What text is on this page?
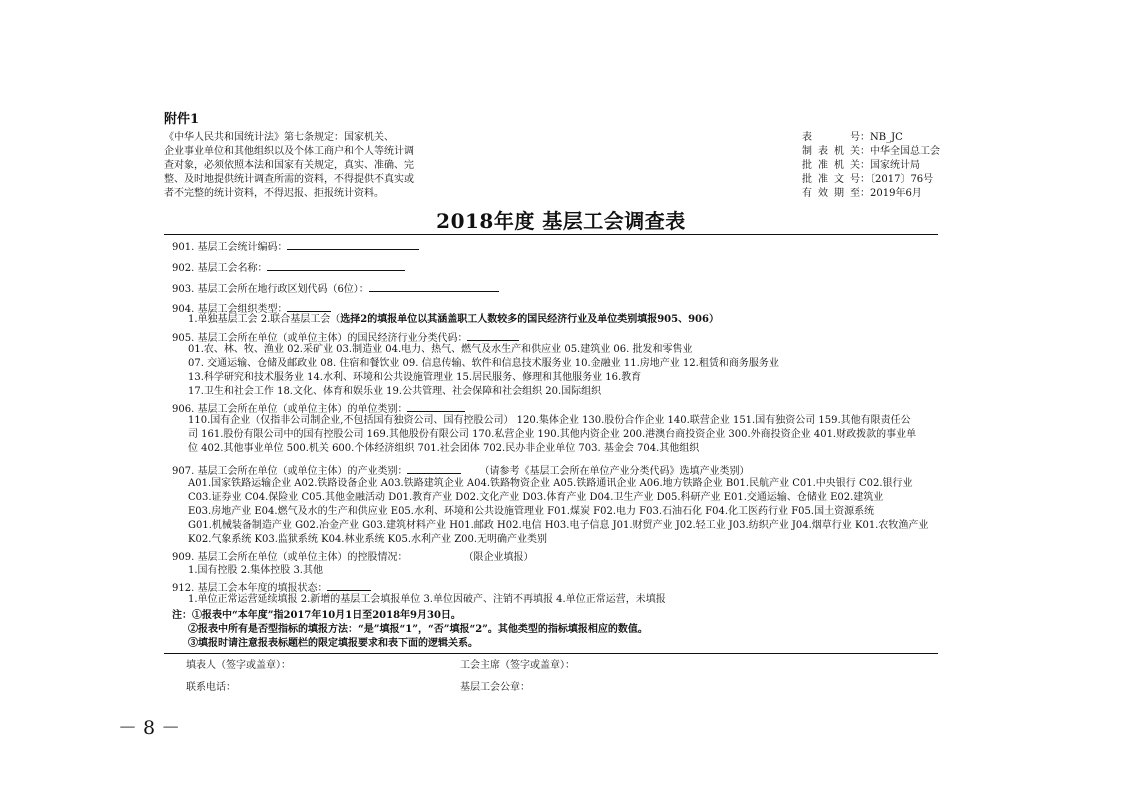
附件1
《中华人民共和国统计法》第七条规定：国家机关、
企业事业单位和其他组织以及个体工商户和个人等统计调
查对象，必须依照本法和国家有关规定，真实、准确、完
整、及时地提供统计调查所需的资料，不得提供不真实或
者不完整的统计资料，不得迟报、拒报统计资料。
表号 ：NB_JC
制表机关 ：中华全国总工会
批准机关 ：国家统计局
批准文号 ：〔2017〕76号
有效期至 ：2019年6月
2018年度 基层工会调查表
901. 基层工会统计编码：
902. 基层工会名称：
903. 基层工会所在地行政区划代码（6位）：
904. 基层工会组织类型：
1.单独基层工会 2.联合基层工会（选择2的填报单位以其涵盖职工人数较多的国民经济行业及单位类别填报905、906）
905. 基层工会所在单位（或单位主体）的国民经济行业分类代码：
01.农、林、牧、渔业 02.采矿业 03.制造业 04.电力、热气、燃气及水生产和供应业 05.建筑业 06. 批发和零售业
07. 交通运输、仓储及邮政业 08. 住宿和餐饮业 09. 信息传输、软件和信息技术服务业 10.金融业 11.房地产业 12.租赁和商务服务业
13.科学研究和技术服务业 14.水利、环境和公共设施管理业 15.居民服务、修理和其他服务业 16.教育
17.卫生和社会工作 18.文化、体育和娱乐业 19.公共管理、社会保障和社会组织 20.国际组织
906. 基层工会所在单位（或单位主体）的单位类别：
110.国有企业（仅指非公司制企业,不包括国有独资公司、国有控股公司） 120.集体企业 130.股份合作企业 140.联营企业 151.国有独资公司 159.其他有限责任公
司 161.股份有限公司中的国有控股公司 169.其他股份有限公司 170.私营企业 190.其他内资企业 200.港澳台商投资企业 300.外商投资企业 401.财政拨款的事业单
位 402.其他事业单位 500.机关 600.个体经济组织 701.社会团体 702.民办非企业单位 703. 基金会 704.其他组织
907. 基层工会所在单位（或单位主体）的产业类别：	（请参考《基层工会所在单位产业分类代码》选填产业类别）
A01.国家铁路运输企业 A02.铁路设备企业 A03.铁路建筑企业 A04.铁路物资企业 A05.铁路通讯企业 A06.地方铁路企业 B01.民航产业 C01.中央银行 C02.银行业
C03.证券业 C04.保险业 C05.其他金融活动 D01.教育产业 D02.文化产业 D03.体育产业 D04.卫生产业 D05.科研产业 E01.交通运输、仓储业 E02.建筑业
E03.房地产业 E04.燃气及水的生产和供应业 E05.水利、环境和公共设施管理业 F01.煤炭 F02.电力 F03.石油石化 F04.化工医药行业 F05.国土资源系统
G01.机械装备制造产业 G02.冶金产业 G03.建筑材料产业 H01.邮政 H02.电信 H03.电子信息 J01.财贸产业 J02.轻工业 J03.纺织产业 J04.烟草行业 K01.农牧渔产业
K02.气象系统 K03.监狱系统 K04.林业系统 K05.水利产业 Z00.无明确产业类别
909. 基层工会所在单位（或单位主体）的控股情况：	（限企业填报）
1.国有控股 2.集体控股 3.其他
912. 基层工会本年度的填报状态：
1.单位正常运营延续填报 2.新增的基层工会填报单位 3.单位因破产、注销不再填报 4.单位正常运营，未填报
注：①报表中“本年度”指2017年10月1日至2018年9月30日。
②报表中所有是否型指标的填报方法：“是”填报“1”，“否”填报“2”。其他类型的指标填报相应的数值。
③填报时请注意报表标题栏的限定填报要求和表下面的逻辑关系。
填表人（签字或盖章）：	工会主席（签字或盖章）：
联系电话：	基层工会公章：
－ 8 －
